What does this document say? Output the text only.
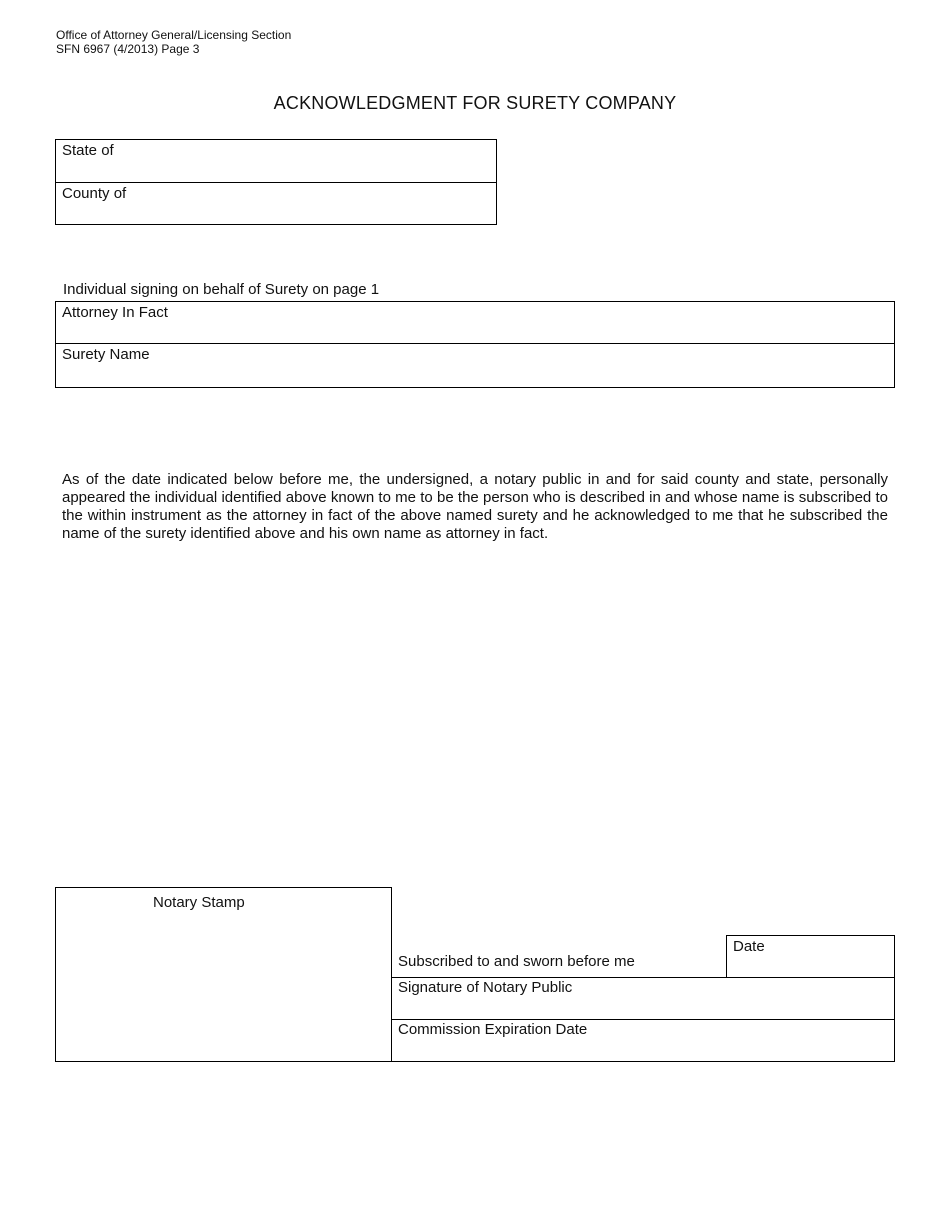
Office of Attorney General/Licensing Section
SFN 6967 (4/2013) Page 3
ACKNOWLEDGMENT FOR SURETY COMPANY
State of
County of
Individual signing on behalf of Surety on page 1
Attorney In Fact
Surety Name
As of the date indicated below before me, the undersigned, a notary public in and for said county and state, personally appeared the individual identified above known to me to be the person who is described in and whose name is subscribed to the within instrument as the attorney in fact of the above named surety and he acknowledged to me that he subscribed the name of the surety identified above and his own name as attorney in fact.
Notary Stamp
Date
Subscribed to and sworn before me
Signature of Notary Public
Commission Expiration Date
